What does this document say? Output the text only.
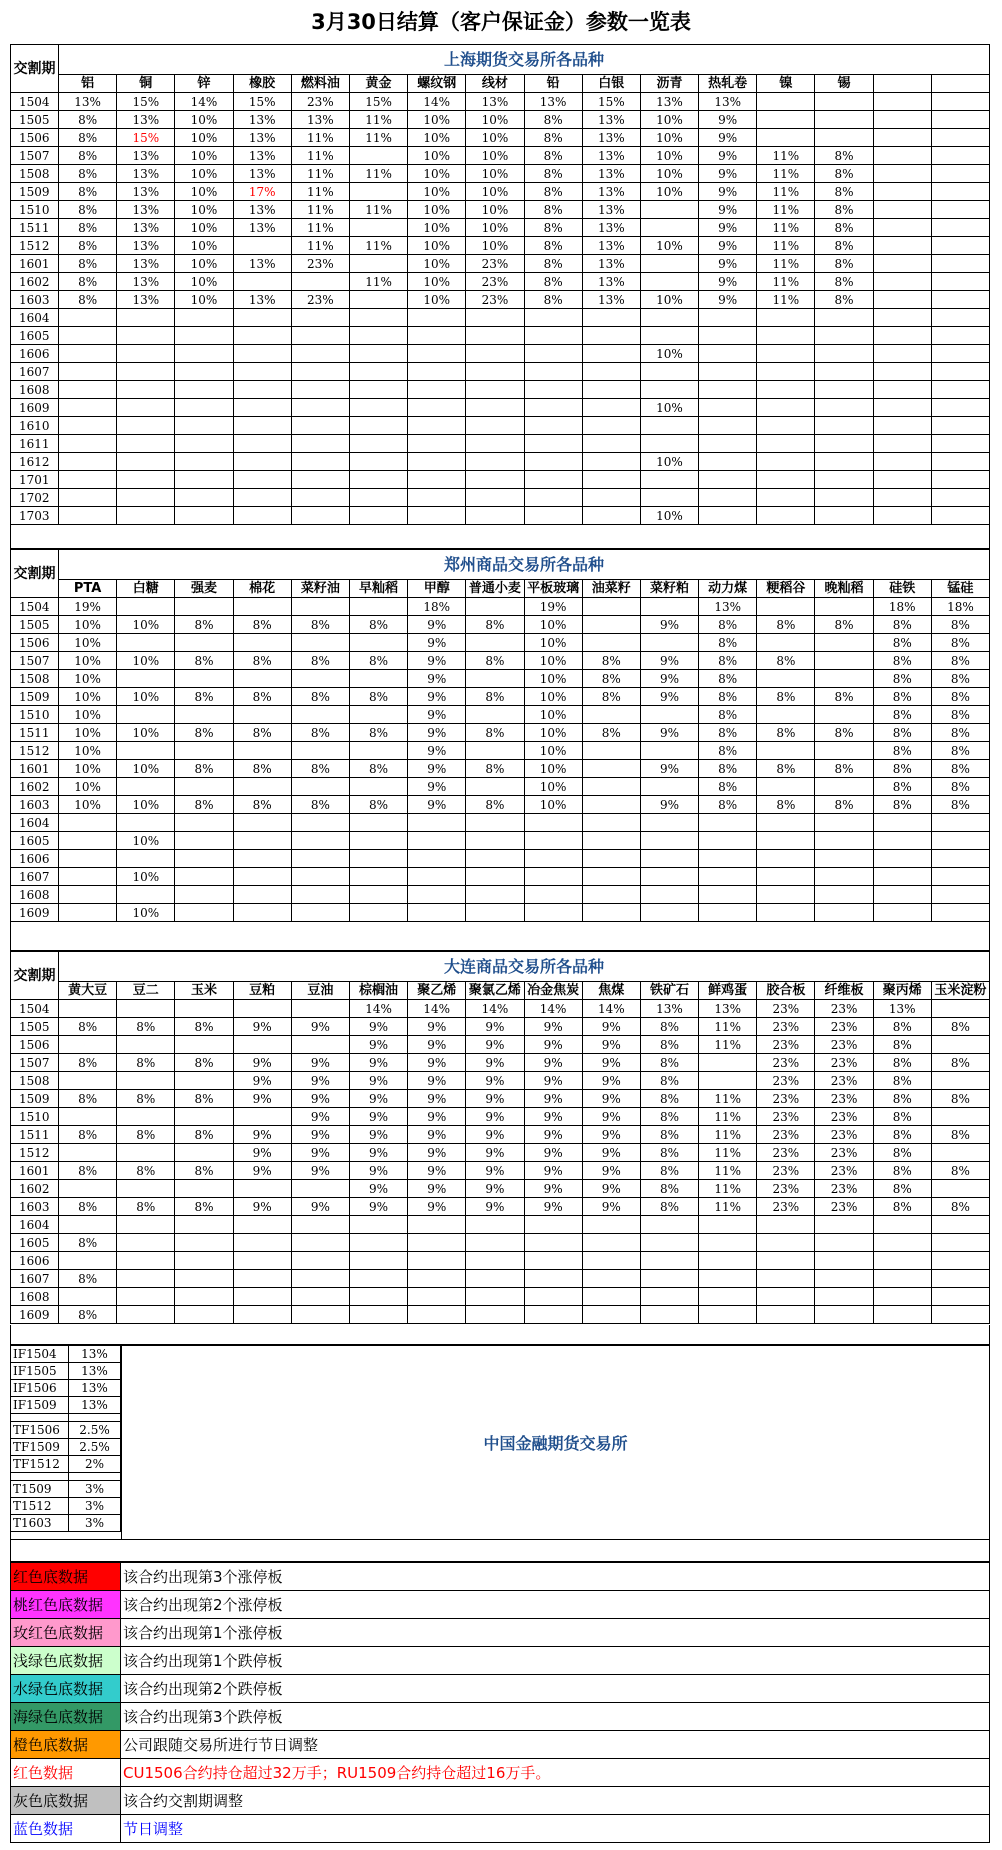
3月30日结算（客户保证金）参数一览表
交割期	上海期货交易所各品种															
	铝	铜	锌	橡胶	燃料油	黄金	螺纹钢	线材	铅	白银	沥青	热轧卷	镍	锡		
1504	13%	15%	14%	15%	23%	15%	14%	13%	13%	15%	13%	13%				
1505	8%	13%	10%	13%	13%	11%	10%	10%	8%	13%	10%	9%				
1506	8%	15%	10%	13%	11%	11%	10%	10%	8%	13%	10%	9%				
1507	8%	13%	10%	13%	11%		10%	10%	8%	13%	10%	9%	11%	8%		
1508	8%	13%	10%	13%	11%	11%	10%	10%	8%	13%	10%	9%	11%	8%		
1509	8%	13%	10%	17%	11%		10%	10%	8%	13%	10%	9%	11%	8%		
1510	8%	13%	10%	13%	11%	11%	10%	10%	8%	13%		9%	11%	8%		
1511	8%	13%	10%	13%	11%		10%	10%	8%	13%		9%	11%	8%		
1512	8%	13%	10%		11%	11%	10%	10%	8%	13%	10%	9%	11%	8%		
1601	8%	13%	10%	13%	23%		10%	23%	8%	13%		9%	11%	8%		
1602	8%	13%	10%			11%	10%	23%	8%	13%		9%	11%	8%		
1603	8%	13%	10%	13%	23%		10%	23%	8%	13%	10%	9%	11%	8%		
1604																
1605																
1606											10%					
1607																
1608																
1609											10%					
1610																
1611																
1612											10%					
1701																
1702																
1703											10%					
交割期	郑州商品交易所各品种															
	PTA	白糖	强麦	棉花	菜籽油	早籼稻	甲醇	普通小麦	平板玻璃	油菜籽	菜籽粕	动力煤	粳稻谷	晚籼稻	硅铁	锰硅
1504	19%						18%		19%			13%			18%	18%
1505	10%	10%	8%	8%	8%	8%	9%	8%	10%		9%	8%	8%	8%	8%	8%
1506	10%						9%		10%			8%			8%	8%
1507	10%	10%	8%	8%	8%	8%	9%	8%	10%	8%	9%	8%	8%		8%	8%
1508	10%						9%		10%	8%	9%	8%			8%	8%
1509	10%	10%	8%	8%	8%	8%	9%	8%	10%	8%	9%	8%	8%	8%	8%	8%
1510	10%						9%		10%			8%			8%	8%
1511	10%	10%	8%	8%	8%	8%	9%	8%	10%	8%	9%	8%	8%	8%	8%	8%
1512	10%						9%		10%			8%			8%	8%
1601	10%	10%	8%	8%	8%	8%	9%	8%	10%		9%	8%	8%	8%	8%	8%
1602	10%						9%		10%			8%			8%	8%
1603	10%	10%	8%	8%	8%	8%	9%	8%	10%		9%	8%	8%	8%	8%	8%
1604																
1605		10%														
1606																
1607		10%														
1608																
1609		10%														
交割期	大连商品交易所各品种															
	黄大豆	豆二	玉米	豆粕	豆油	棕榈油	聚乙烯	聚氯乙烯	冶金焦炭	焦煤	铁矿石	鲜鸡蛋	胶合板	纤维板	聚丙烯	玉米淀粉
1504						14%	14%	14%	14%	14%	13%	13%	23%	23%	13%	
1505	8%	8%	8%	9%	9%	9%	9%	9%	9%	9%	8%	11%	23%	23%	8%	8%
1506						9%	9%	9%	9%	9%	8%	11%	23%	23%	8%	
1507	8%	8%	8%	9%	9%	9%	9%	9%	9%	9%	8%		23%	23%	8%	8%
1508				9%	9%	9%	9%	9%	9%	9%	8%		23%	23%	8%	
1509	8%	8%	8%	9%	9%	9%	9%	9%	9%	9%	8%	11%	23%	23%	8%	8%
1510					9%	9%	9%	9%	9%	9%	8%	11%	23%	23%	8%	
1511	8%	8%	8%	9%	9%	9%	9%	9%	9%	9%	8%	11%	23%	23%	8%	8%
1512				9%	9%	9%	9%	9%	9%	9%	8%	11%	23%	23%	8%	
1601	8%	8%	8%	9%	9%	9%	9%	9%	9%	9%	8%	11%	23%	23%	8%	8%
1602						9%	9%	9%	9%	9%	8%	11%	23%	23%	8%	
1603	8%	8%	8%	9%	9%	9%	9%	9%	9%	9%	8%	11%	23%	23%	8%	8%
1604																
1605	8%															
1606																
1607	8%															
1608																
1609	8%															
IF1504	13%
IF1505	13%
IF1506	13%
IF1509	13%
TF1506	2.5%
TF1509	2.5%
TF1512	2%
T1509	3%
T1512	3%
T1603	3%
中国金融期货交易所
红色底数据	该合约出现第3个涨停板
桃红色底数据	该合约出现第2个涨停板
玫红色底数据	该合约出现第1个涨停板
浅绿色底数据	该合约出现第1个跌停板
水绿色底数据	该合约出现第2个跌停板
海绿色底数据	该合约出现第3个跌停板
橙色底数据	公司跟随交易所进行节日调整
红色数据	CU1506合约持仓超过32万手；RU1509合约持仓超过16万手。
灰色底数据	该合约交割期调整
蓝色数据	节日调整
